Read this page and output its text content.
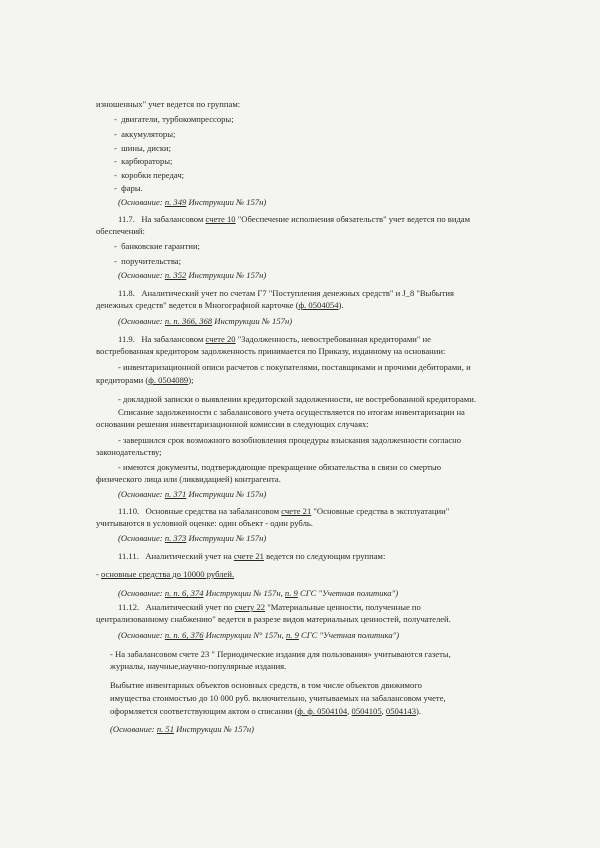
изношенных" учет ведется по группам:
-  двигатели, турбокомпрессоры;
-  аккумуляторы;
-  шины, диски;
-  карбюраторы;
-  коробки передач;
-  фары.
(Основание: п. 349 Инструкции № 157н)
11.7. На забалансовом счете 10 "Обеспечение исполнения обязательств" учет ведется по видам
обеспечений:
-  банковские гарантии;
-  поручительства;
(Основание: п. 352 Инструкции № 157н)
11.8. Аналитический учет по счетам Г7 "Поступления денежных средств" и J_8 "Выбытия
денежных средств" ведется в Многографной карточке (ф. 0504054).
(Основание: п. п. 366, 368 Инструкции № 157н)
11.9. На забалансовом счете 20 "Задолженность, невостребованная кредиторами" не
востребованная кредитором задолженность принимается по Приказу, изданному на основании:
- инвентаризационной описи расчетов с покупателями, поставщиками и прочими дебиторами, и
кредиторами (ф. 0504089);
- докладной записки о выявлении кредиторской задолженности, не востребованной кредиторами.
Списание задолженности с забалансового учета осуществляется по итогам инвентаризации на
основании решения инвентаризационной комиссии в следующих случаях:
- завершился срок возможного возобновления процедуры взыскания задолженности согласно
законодательству;
- имеются документы, подтверждающие прекращение обязательства в связи со смертью
физического лица или (ликвидацией) контрагента.
(Основание: п. 371 Инструкции № 157н)
11.10. Основные средства на забалансовом счете 21 "Основные средства в эксплуатации"
учитываются в условной оценке: один объект - один рубль.
(Основание: п. 373 Инструкции № 157н)
11.11. Аналитический учет на счете 21 ведется по следующим группам:
- основные средства до 10000 рублей.
(Основание: п. п. 6, 374 Инструкции № 157н, п. 9 СГС "Учетная политика")
11.12. Аналитический учет по счету 22 "Материальные ценности, полученные по
централизованному снабжению" ведется в разрезе видов материальных ценностей, получателей.
(Основание: п. п. 6, 376 Инструкции N° 157н, п. 9 СГС "Учетная политика")
- На забалансовом счете 23 " Периодические издания для пользования» учитываются газеты,
журналы, научные,научно-популярные издания.
Выбытие инвентарных объектов основных средств, в том числе объектов движимого
имущества стоимостью до 10 000 руб. включительно, учитываемых на забалансовом учете,
оформляется соответствующим актом о списании (ф. ф. 0504104, 0504105, 0504143).
(Основание: п. 51 Инструкции № 157н)
